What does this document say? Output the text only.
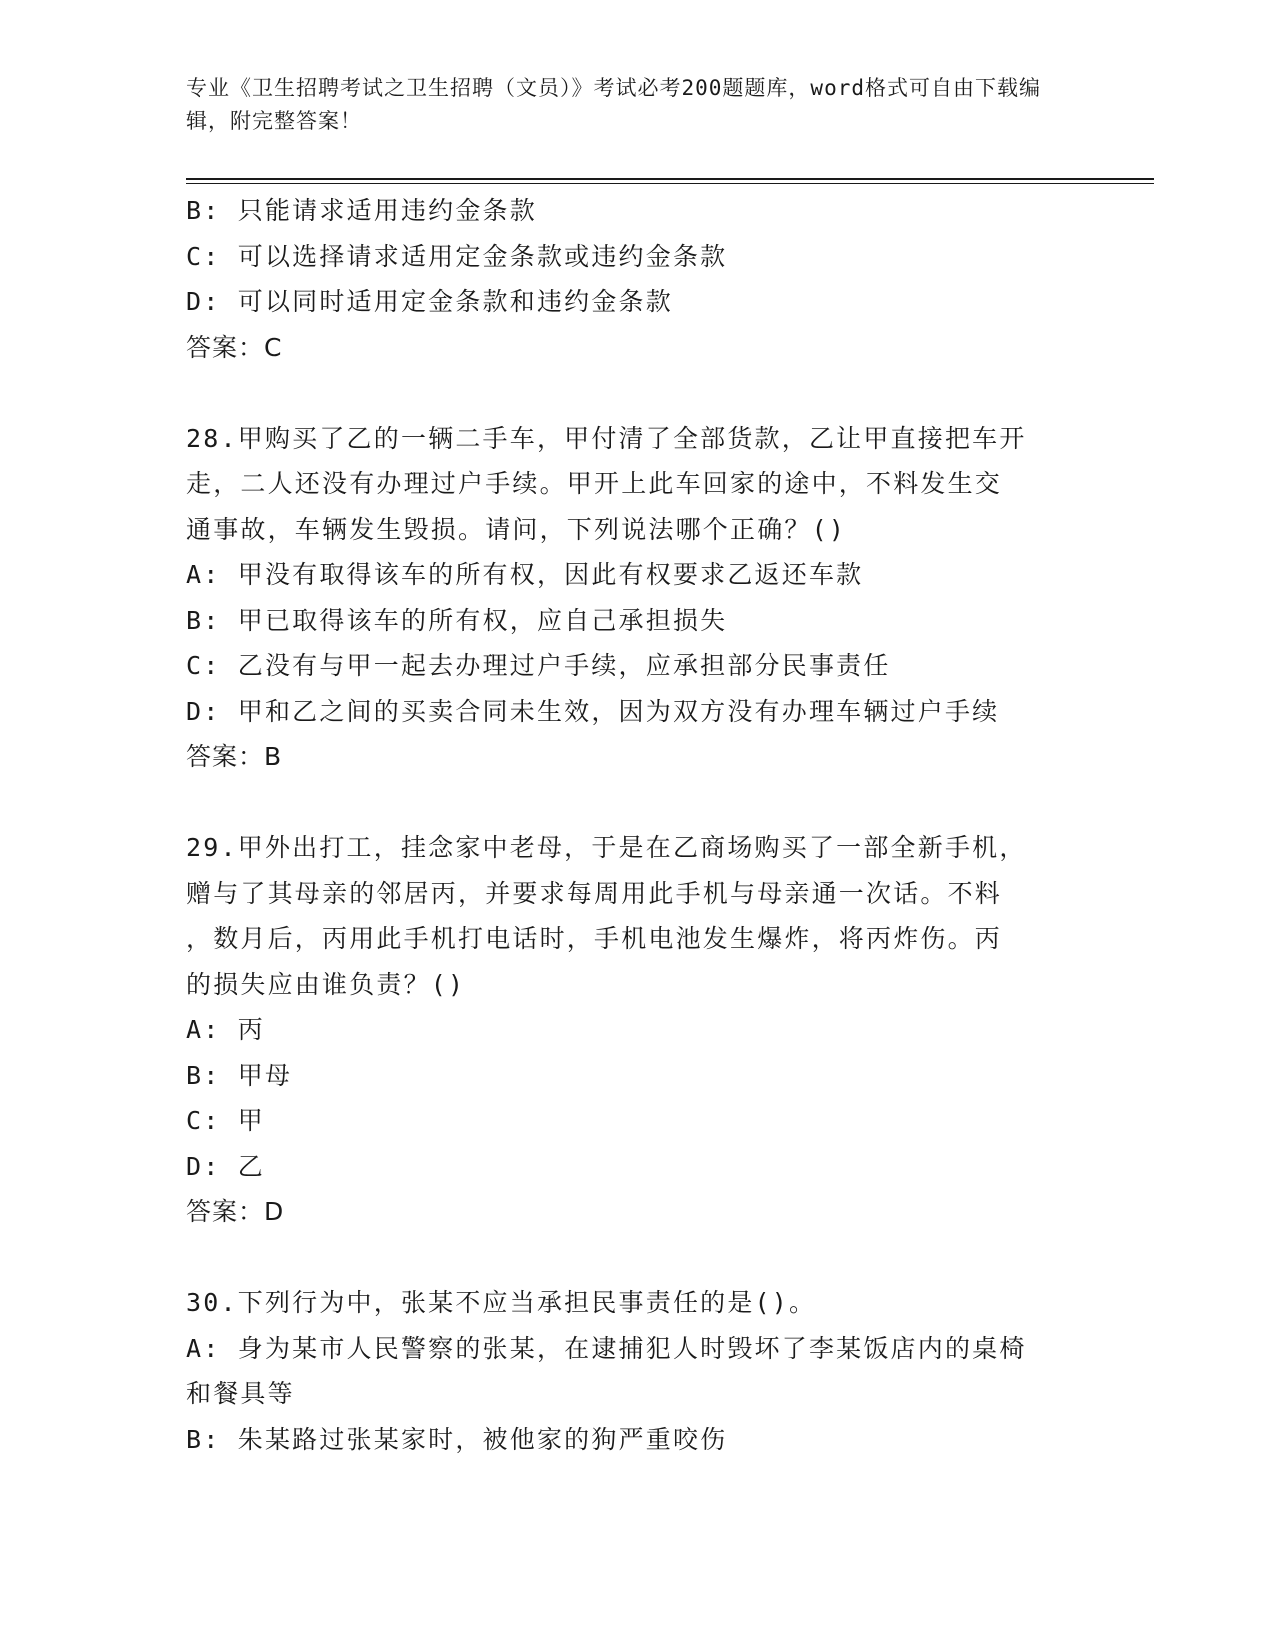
专业《卫生招聘考试之卫生招聘（文员）》考试必考200题题库，word格式可自由下载编辑，附完整答案！
B: 只能请求适用违约金条款
C: 可以选择请求适用定金条款或违约金条款
D: 可以同时适用定金条款和违约金条款
答案：C
28.甲购买了乙的一辆二手车，甲付清了全部货款，乙让甲直接把车开
走，二人还没有办理过户手续。甲开上此车回家的途中，不料发生交
通事故，车辆发生毁损。请问，下列说法哪个正确？()
A: 甲没有取得该车的所有权，因此有权要求乙返还车款
B: 甲已取得该车的所有权，应自己承担损失
C: 乙没有与甲一起去办理过户手续，应承担部分民事责任
D: 甲和乙之间的买卖合同未生效，因为双方没有办理车辆过户手续
答案：B
29.甲外出打工，挂念家中老母，于是在乙商场购买了一部全新手机，
赠与了其母亲的邻居丙，并要求每周用此手机与母亲通一次话。不料
，数月后，丙用此手机打电话时，手机电池发生爆炸，将丙炸伤。丙
的损失应由谁负责？()
A: 丙
B: 甲母
C: 甲
D: 乙
答案：D
30.下列行为中，张某不应当承担民事责任的是()。
A: 身为某市人民警察的张某，在逮捕犯人时毁坏了李某饭店内的桌椅
和餐具等
B: 朱某路过张某家时，被他家的狗严重咬伤
